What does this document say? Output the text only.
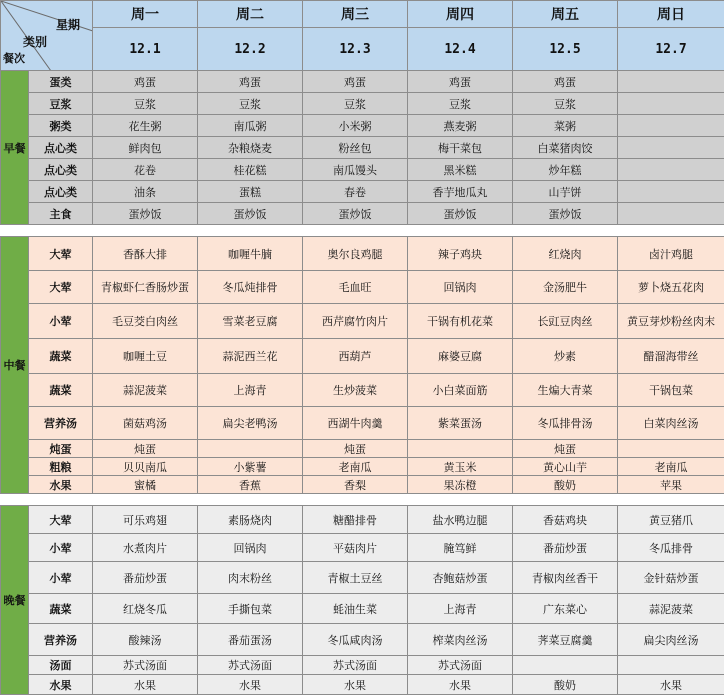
星期
类别
餐次		周一	周二	周三	周四	周五	周日
		12.1	12.2	12.3	12.4	12.5	12.7
早餐	蛋类	鸡蛋	鸡蛋	鸡蛋	鸡蛋	鸡蛋	
	豆浆	豆浆	豆浆	豆浆	豆浆	豆浆	
	粥类	花生粥	南瓜粥	小米粥	燕麦粥	菜粥	
	点心类	鲜肉包	杂粮烧麦	粉丝包	梅干菜包	白菜猪肉饺	
	点心类	花卷	桂花糕	南瓜馒头	黑米糕	炒年糕	
	点心类	油条	蛋糕	春卷	香芋地瓜丸	山芋饼	
	主食	蛋炒饭	蛋炒饭	蛋炒饭	蛋炒饭	蛋炒饭	

中餐	大荤	香酥大排	咖喱牛腩	奥尔良鸡腿	辣子鸡块	红烧肉	卤汁鸡腿
	大荤	青椒虾仁香肠炒蛋	冬瓜炖排骨	毛血旺	回锅肉	金汤肥牛	萝卜烧五花肉
	小荤	毛豆茭白肉丝	雪菜老豆腐	西芹腐竹肉片	干锅有机花菜	长豇豆肉丝	黄豆芽炒粉丝肉末
	蔬菜	咖喱土豆	蒜泥西兰花	西葫芦	麻婆豆腐	炒素	醋溜海带丝
	蔬菜	蒜泥菠菜	上海青	生炒菠菜	小白菜面筋	生煸大青菜	干锅包菜
	营养汤	菌菇鸡汤	扁尖老鸭汤	西湖牛肉羹	紫菜蛋汤	冬瓜排骨汤	白菜肉丝汤
	炖蛋	炖蛋		炖蛋		炖蛋	
	粗粮	贝贝南瓜	小紫薯	老南瓜	黄玉米	黄心山芋	老南瓜
	水果	蜜橘	香蕉	香梨	果冻橙	酸奶	苹果

晚餐	大荤	可乐鸡翅	素肠烧肉	糖醋排骨	盐水鸭边腿	香菇鸡块	黄豆猪爪
	小荤	水煮肉片	回锅肉	平菇肉片	腌笃鲜	番茄炒蛋	冬瓜排骨
	小荤	番茄炒蛋	肉末粉丝	青椒土豆丝	杏鲍菇炒蛋	青椒肉丝香干	金针菇炒蛋
	蔬菜	红烧冬瓜	手撕包菜	蚝油生菜	上海青	广东菜心	蒜泥菠菜
	营养汤	酸辣汤	番茄蛋汤	冬瓜咸肉汤	榨菜肉丝汤	荠菜豆腐羹	扁尖肉丝汤
	汤面	苏式汤面	苏式汤面	苏式汤面	苏式汤面		
	水果	水果	水果	水果	水果	酸奶	水果
